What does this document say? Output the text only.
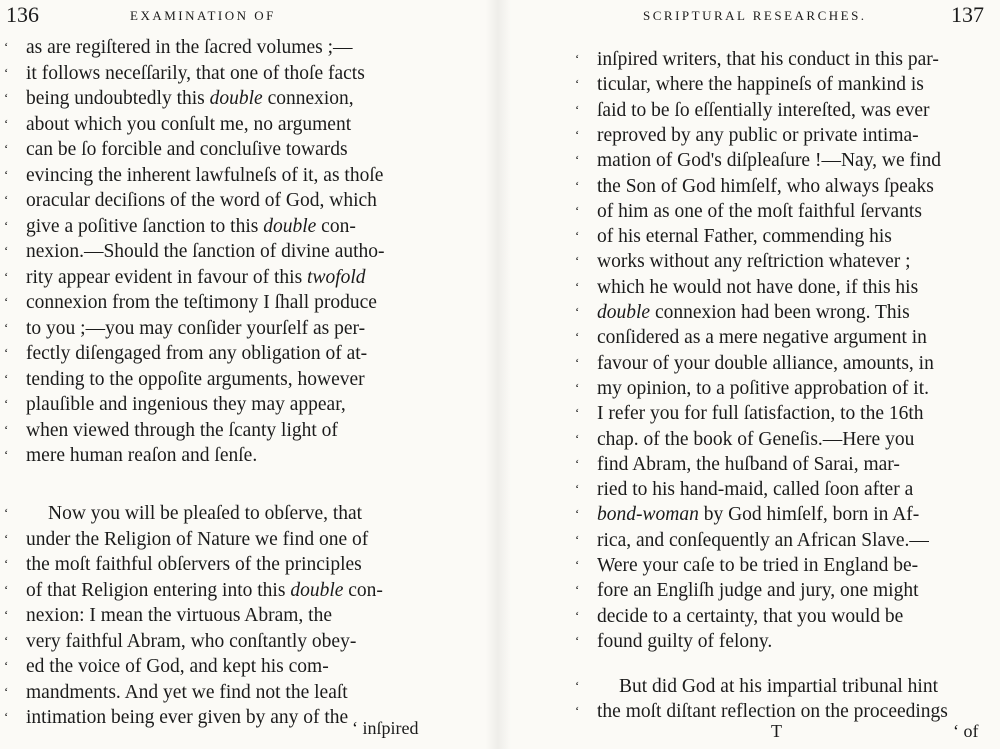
136	EXAMINATION OF
‘ as are regiſtered in the ſacred volumes ;—
‘ it follows neceſſarily, that one of thoſe facts
‘ being undoubtedly this double connexion,
‘ about which you conſult me, no argument
‘ can be ſo forcible and concluſive towards
‘ evincing the inherent lawfulneſs of it, as thoſe
‘ oracular deciſions of the word of God, which
‘ give a poſitive ſanction to this double con-
‘ nexion.—Should the ſanction of divine autho-
‘ rity appear evident in favour of this twofold
‘ connexion from the teſtimony I ſhall produce
‘ to you ;—you may conſider yourſelf as per-
‘ fectly diſengaged from any obligation of at-
‘ tending to the oppoſite arguments, however
‘ plauſible and ingenious they may appear,
‘ when viewed through the ſcanty light of
‘ mere human reaſon and ſenſe.
‘ Now you will be pleaſed to obſerve, that
‘ under the Religion of Nature we find one of
‘ the moſt faithful obſervers of the principles
‘ of that Religion entering into this double con-
‘ nexion: I mean the virtuous Abram, the
‘ very faithful Abram, who conſtantly obey-
‘ ed the voice of God, and kept his com-
‘ mandments. And yet we find not the leaſt
‘ intimation being ever given by any of the ‘ inſpired
SCRIPTURAL RESEARCHES.	137
‘ inſpired writers, that his conduct in this par-
‘ ticular, where the happineſs of mankind is
‘ ſaid to be ſo eſſentially intereſted, was ever
‘ reproved by any public or private intima-
‘ mation of God's diſpleaſure !—Nay, we find
‘ the Son of God himſelf, who always ſpeaks
‘ of him as one of the moſt faithful ſervants
‘ of his eternal Father, commending his
‘ works without any reſtriction whatever ;
‘ which he would not have done, if this his
‘ double connexion had been wrong. This
‘ conſidered as a mere negative argument in
‘ favour of your double alliance, amounts, in
‘ my opinion, to a poſitive approbation of it.
‘ I refer you for full ſatisfaction, to the 16th
‘ chap. of the book of Geneſis.—Here you
‘ find Abram, the huſband of Sarai, mar-
‘ ried to his hand-maid, called ſoon after a
‘ bond-woman by God himſelf, born in Af-
‘ rica, and conſequently an African Slave.—
‘ Were your caſe to be tried in England be-
‘ fore an Engliſh judge and jury, one might
‘ decide to a certainty, that you would be
‘ found guilty of felony.
‘ But did God at his impartial tribunal hint
‘ the moſt diſtant reflection on the proceedings
T	‘ of
